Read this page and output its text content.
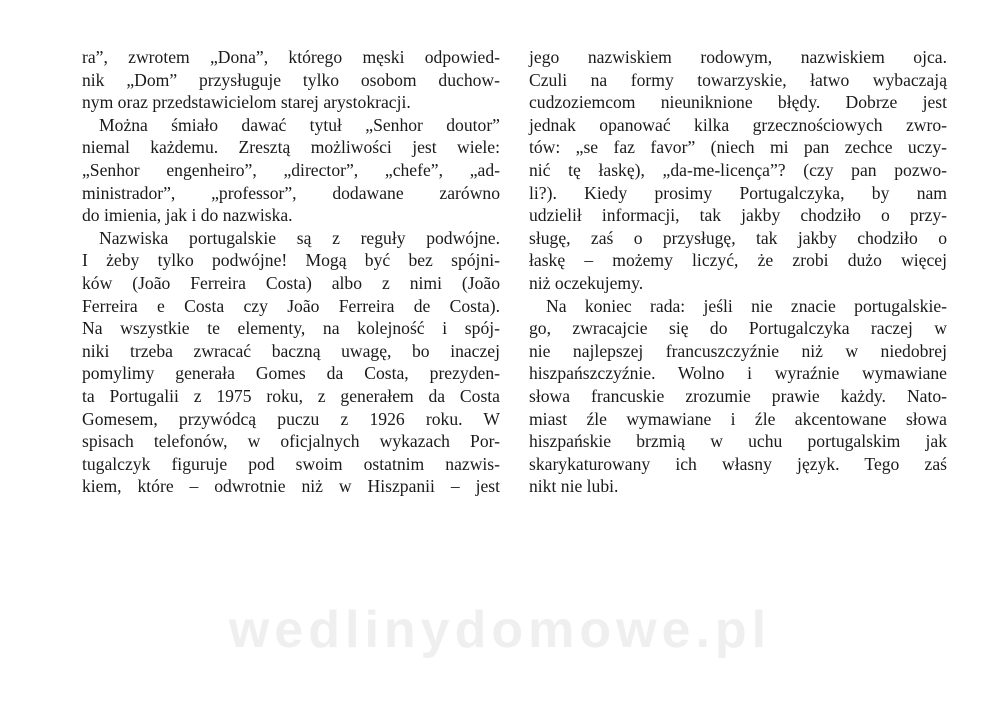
ra”, zwrotem „Dona”, którego męski odpowied-
nik „Dom” przysługuje tylko osobom duchow-
nym oraz przedstawicielom starej arystokracji.
Można śmiało dawać tytuł „Senhor doutor”
niemal każdemu. Zresztą możliwości jest wiele:
„Senhor engenheiro”, „director”, „chefe”, „ad-
ministrador”, „professor”, dodawane zarówno
do imienia, jak i do nazwiska.
Nazwiska portugalskie są z reguły podwójne.
I żeby tylko podwójne! Mogą być bez spójni-
ków (João Ferreira Costa) albo z nimi (João
Ferreira e Costa czy João Ferreira de Costa).
Na wszystkie te elementy, na kolejność i spój-
niki trzeba zwracać baczną uwagę, bo inaczej
pomylimy generała Gomes da Costa, prezyden-
ta Portugalii z 1975 roku, z generałem da Costa
Gomesem, przywódcą puczu z 1926 roku. W
spisach telefonów, w oficjalnych wykazach Por-
tugalczyk figuruje pod swoim ostatnim nazwis-
kiem, które – odwrotnie niż w Hiszpanii – jest
jego nazwiskiem rodowym, nazwiskiem ojca.
Czuli na formy towarzyskie, łatwo wybaczają
cudzoziemcom nieuniknione błędy. Dobrze jest
jednak opanować kilka grzecznościowych zwro-
tów: „se faz favor” (niech mi pan zechce uczy-
nić tę łaskę), „da-me-licença”? (czy pan pozwo-
li?). Kiedy prosimy Portugalczyka, by nam
udzielił informacji, tak jakby chodziło o przy-
sługę, zaś o przysługę, tak jakby chodziło o
łaskę – możemy liczyć, że zrobi dużo więcej
niż oczekujemy.
Na koniec rada: jeśli nie znacie portugalskie-
go, zwracajcie się do Portugalczyka raczej w
nie najlepszej francuszczyźnie niż w niedobrej
hiszpańszczyźnie. Wolno i wyraźnie wymawiane
słowa francuskie zrozumie prawie każdy. Nato-
miast źle wymawiane i źle akcentowane słowa
hiszpańskie brzmią w uchu portugalskim jak
skarykaturowany ich własny język. Tego zaś
nikt nie lubi.
wedlinydomowe.pl
